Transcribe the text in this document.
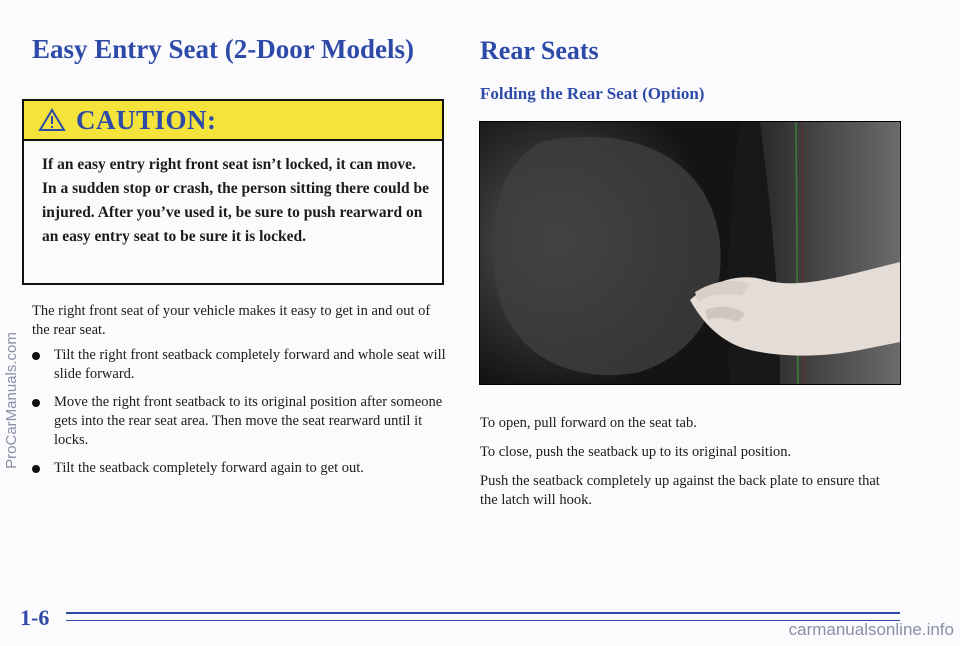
Easy Entry Seat (2-Door Models)
CAUTION:
If an easy entry right front seat isn’t locked, it can move. In a sudden stop or crash, the person sitting there could be injured. After you’ve used it, be sure to push rearward on an easy entry seat to be sure it is locked.
The right front seat of your vehicle makes it easy to get in and out of the rear seat.
Tilt the right front seatback completely forward and whole seat will slide forward.
Move the right front seatback to its original position after someone gets into the rear seat area. Then move the seat rearward until it locks.
Tilt the seatback completely forward again to get out.
Rear Seats
Folding the Rear Seat (Option)
To open, pull forward on the seat tab.
To close, push the seatback up to its original position.
Push the seatback completely up against the back plate to ensure that the latch will hook.
ProCarManuals.com

1-6	carmanualsonline.info
